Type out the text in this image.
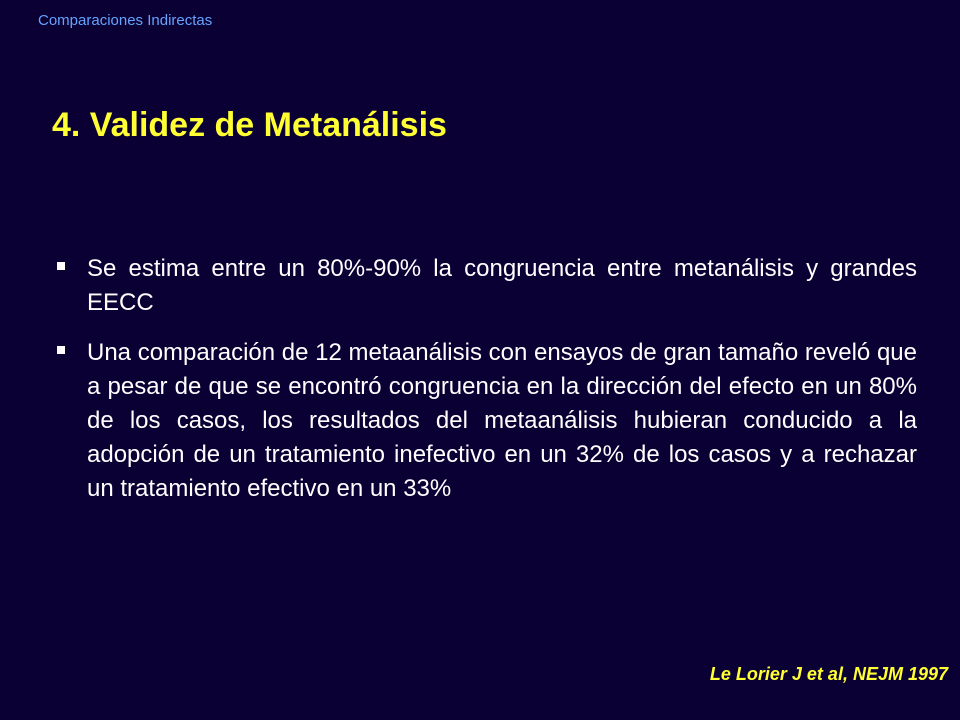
Comparaciones Indirectas
4. Validez de Metanálisis
Se estima entre un 80%-90% la congruencia entre metanálisis y grandes EECC
Una comparación de 12 metaanálisis con ensayos de gran tamaño reveló que a pesar de que se encontró congruencia en la dirección del efecto en un 80% de los casos, los resultados del metaanálisis hubieran conducido a la adopción de un tratamiento inefectivo en un 32% de los casos y a rechazar un tratamiento efectivo en un 33%
Le Lorier J et al, NEJM 1997
